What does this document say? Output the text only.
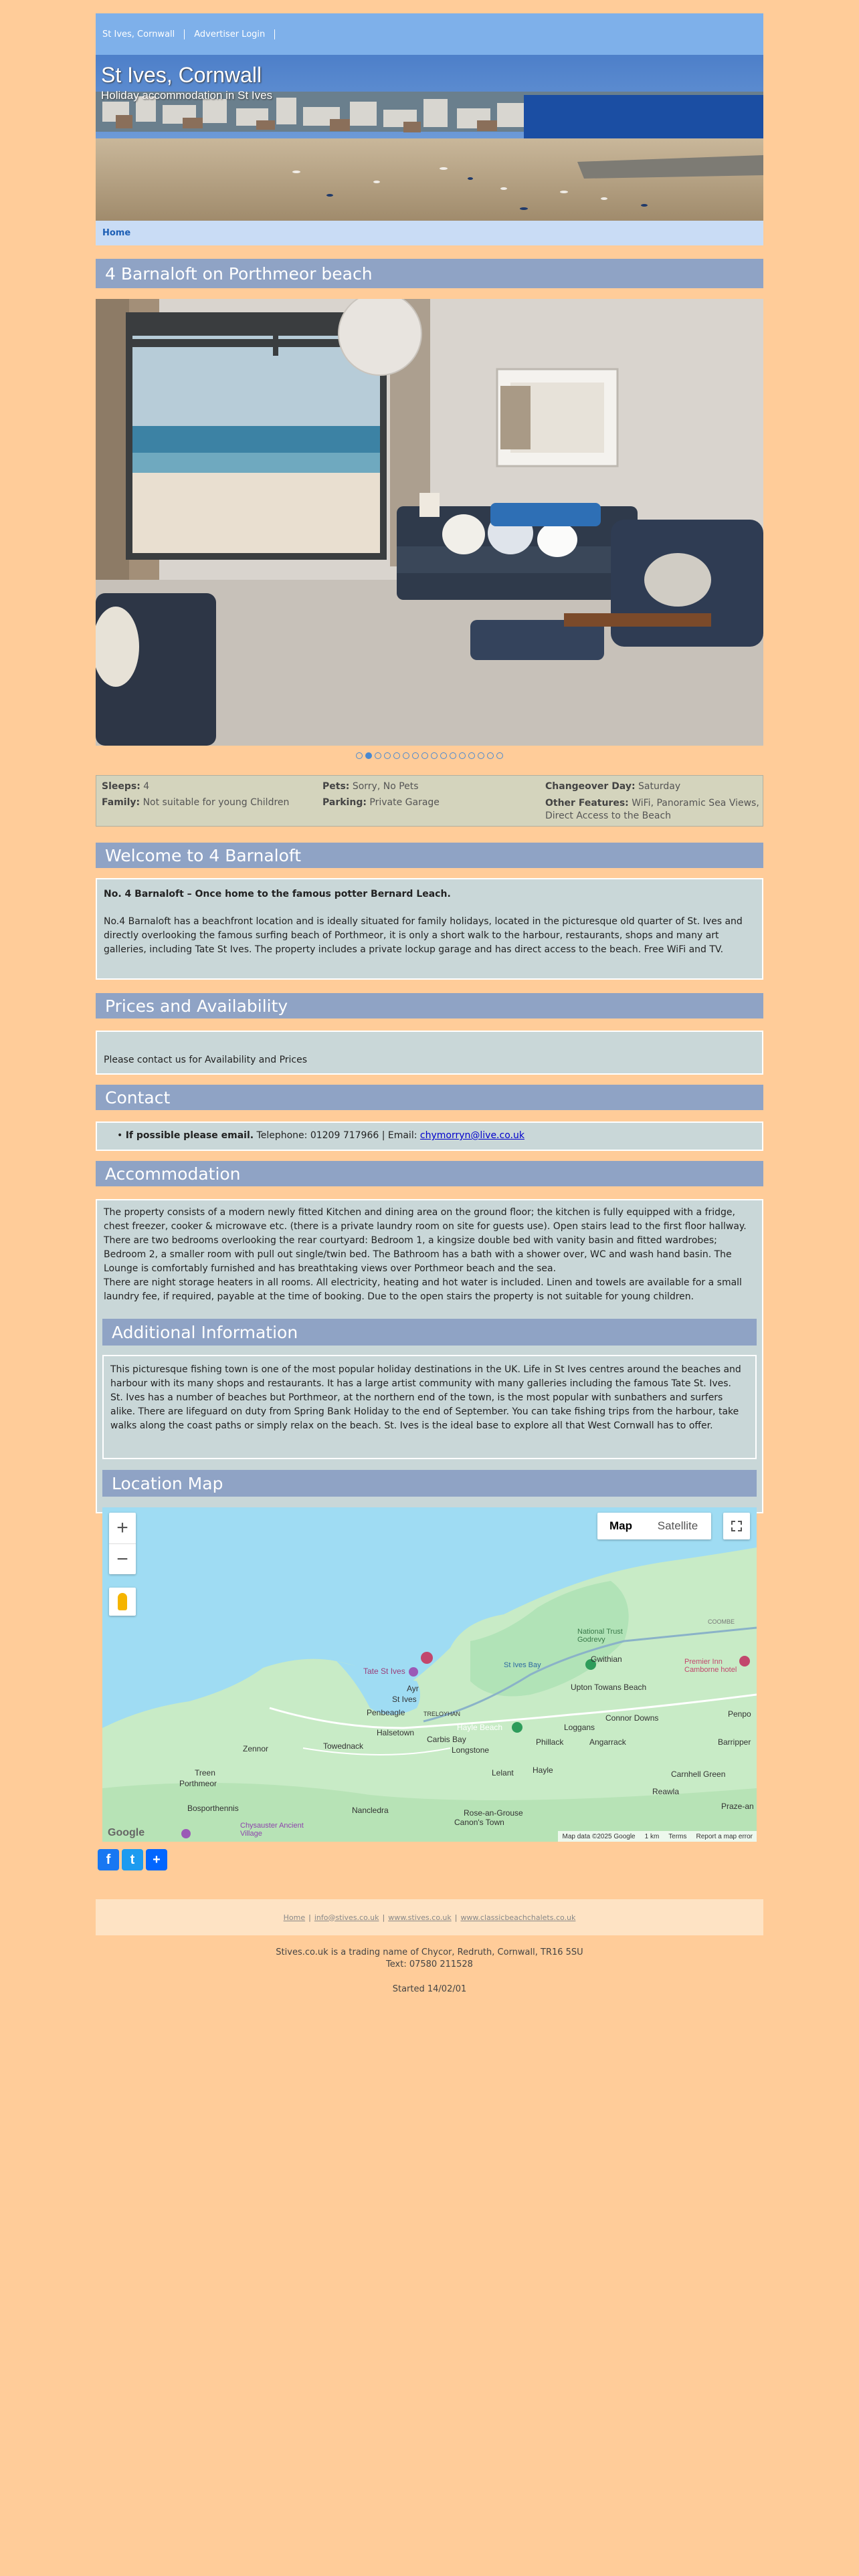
St Ives, Cornwall	Advertiser Login
St Ives, Cornwall
Holiday accommodation in St Ives
Home
4 Barnaloft on Porthmeor beach
Sleeps: 4	Pets: Sorry, No Pets	Changeover Day: Saturday
Family: Not suitable for young Children	Parking: Private Garage	Other Features: WiFi, Panoramic Sea Views, Direct Access to the Beach
Welcome to 4 Barnaloft

No. 4 Barnaloft – Once home to the famous potter Bernard Leach.

No.4 Barnaloft has a beachfront location and is ideally situated for family holidays, located in the picturesque old quarter of St. Ives and directly overlooking the famous surfing beach of Porthmeor, it is only a short walk to the harbour, restaurants, shops and many art galleries, including Tate St Ives. The property includes a private lockup garage and has direct access to the beach. Free WiFi and TV.

Prices and Availability

Please contact us for Availability and Prices

Contact

• If possible please email. Telephone: 01209 717966 | Email: chymorryn@live.co.uk

Accommodation

The property consists of a modern newly fitted Kitchen and dining area on the ground floor; the kitchen is fully equipped with a fridge, chest freezer, cooker & microwave etc. (there is a private laundry room on site for guests use). Open stairs lead to the first floor hallway. There are two bedrooms overlooking the rear courtyard: Bedroom 1, a kingsize double bed with vanity basin and fitted wardrobes; Bedroom 2, a smaller room with pull out single/twin bed. The Bathroom has a bath with a shower over, WC and wash hand basin. The Lounge is comfortably furnished and has breathtaking views over Porthmeor beach and the sea.

There are night storage heaters in all rooms. All electricity, heating and hot water is included. Linen and towels are available for a small laundry fee, if required, payable at the time of booking. Due to the open stairs the property is not suitable for young children.

Additional Information

This picturesque fishing town is one of the most popular holiday destinations in the UK. Life in St Ives centres around the beaches and harbour with its many shops and restaurants. It has a large artist community with many galleries including the famous Tate St. Ives.

St. Ives has a number of beaches but Porthmeor, at the northern end of the town, is the most popular with sunbathers and surfers alike. There are lifeguard on duty from Spring Bank Holiday to the end of September. You can take fishing trips from the harbour, take walks along the coast paths or simply relax on the beach. St. Ives is the ideal base to explore all that West Cornwall has to offer.

Location Map
Tate St Ives
St Ives
Ayr
Penbeagle
Halsetown
Carbis Bay
Lelant Hayle
Phillack
Loggans
Angarrack
Connor Downs
Upton Towans Beach
Gwithian
National Trust Godrevy
Premier Inn Camborne hotel
Zennor	Towednack
Treen
Porthmeor
Bosporthennis	Nancledra	Rose-an-Grouse
Canon's Town
Chysauster Ancient Village
Carnhell Green
Reawla
Praze-an
Barripper
Penpo
Longstone
TRELOYHAN
Hayle Beach
St Ives Bay
COOMBE
+
−
Map	Satellite
Google	Map data ©2025 Google 1 km Terms Report a map error
f t +
Home | info@stives.co.uk | www.stives.co.uk | www.classicbeachchalets.co.uk
Stives.co.uk is a trading name of Chycor, Redruth, Cornwall, TR16 5SU
Text: 07580 211528
Started 14/02/01
